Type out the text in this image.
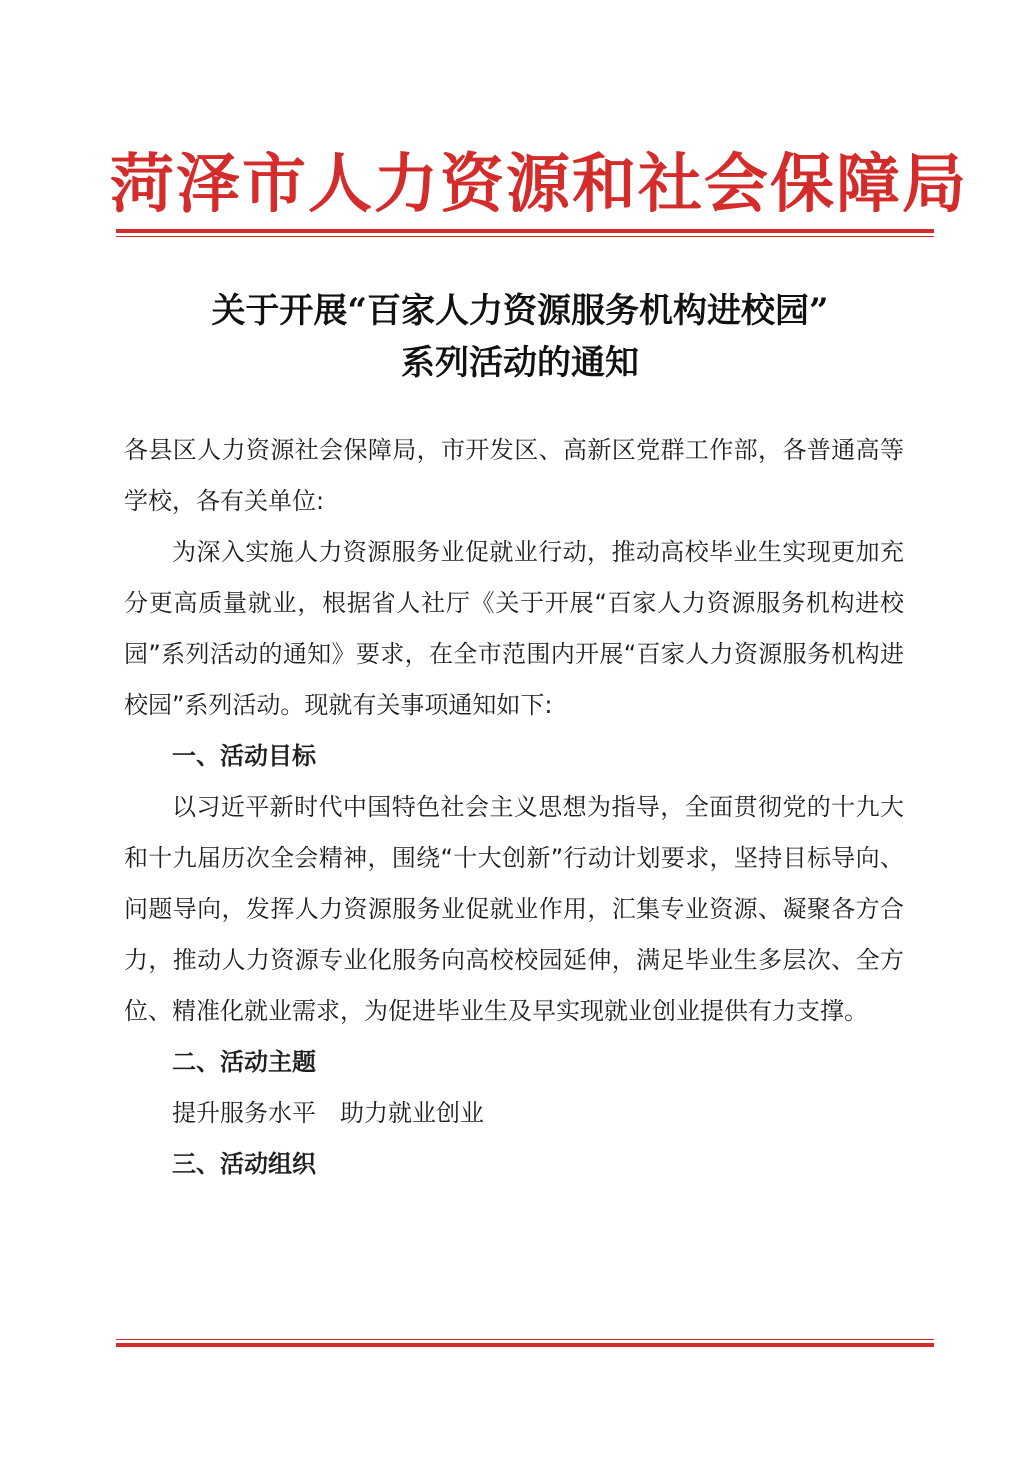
菏泽市人力资源和社会保障局
关于开展“百家人力资源服务机构进校园”
系列活动的通知

各县区人力资源社会保障局，市开发区、高新区党群工作部，各普通高等学校，各有关单位:

为深入实施人力资源服务业促就业行动，推动高校毕业生实现更加充分更高质量就业，根据省人社厅《关于开展“百家人力资源服务机构进校园”系列活动的通知》要求，在全市范围内开展“百家人力资源服务机构进校园”系列活动。现就有关事项通知如下:

一、活动目标

以习近平新时代中国特色社会主义思想为指导，全面贯彻党的十九大和十九届历次全会精神，围绕“十大创新”行动计划要求，坚持目标导向、问题导向，发挥人力资源服务业促就业作用，汇集专业资源、凝聚各方合力，推动人力资源专业化服务向高校校园延伸，满足毕业生多层次、全方位、精准化就业需求，为促进毕业生及早实现就业创业提供有力支撑。

二、活动主题

提升服务水平　助力就业创业

三、活动组织
